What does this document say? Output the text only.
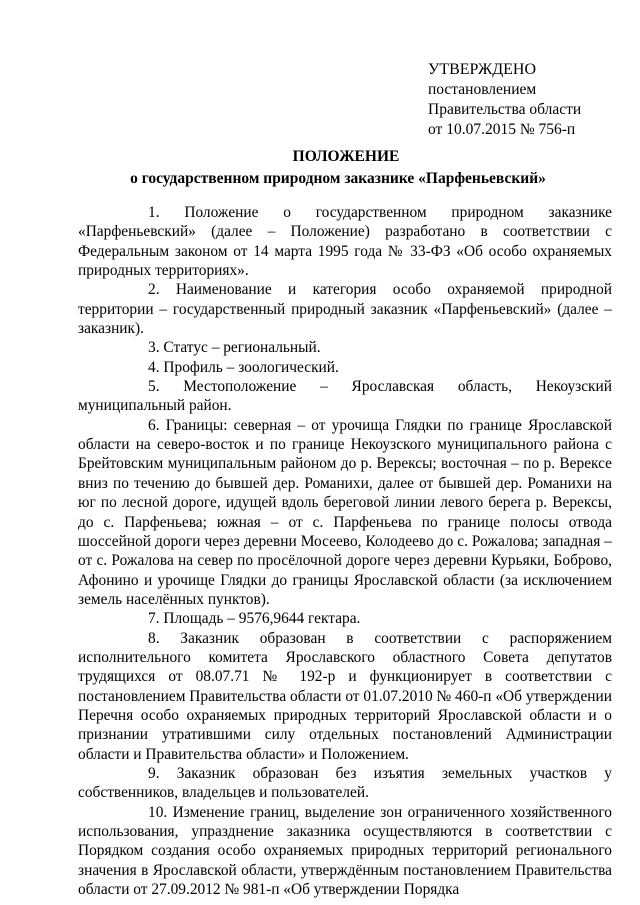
УТВЕРЖДЕНО
постановлением
Правительства области
от 10.07.2015 № 756-п
ПОЛОЖЕНИЕ
о государственном природном заказнике «Парфеньевский»

1. Положение о государственном природном заказнике «Парфеньевский» (далее – Положение) разработано в соответствии с Федеральным законом от 14 марта 1995 года № 33-ФЗ «Об особо охраняемых природных территориях».

2. Наименование и категория особо охраняемой природной территории – государственный природный заказник «Парфеньевский» (далее – заказник).

3. Статус – региональный.

4. Профиль – зоологический.

5. Местоположение – Ярославская область, Некоузский муниципальный район.

6. Границы: северная – от урочища Глядки по границе Ярославской области на северо-восток и по границе Некоузского муниципального района с Брейтовским муниципальным районом до р. Верексы; восточная – по р. Верексе вниз по течению до бывшей дер. Романихи, далее от бывшей дер. Романихи на юг по лесной дороге, идущей вдоль береговой линии левого берега р. Верексы, до с. Парфеньева; южная – от с. Парфеньева по границе полосы отвода шоссейной дороги через деревни Мосеево, Колодеево до с. Рожалова; западная – от с. Рожалова на север по просёлочной дороге через деревни Курьяки, Боброво, Афонино и урочище Глядки до границы Ярославской области (за исключением земель населённых пунктов).

7. Площадь – 9576,9644 гектара.

8. Заказник образован в соответствии с распоряжением исполнительного комитета Ярославского областного Совета депутатов трудящихся от 08.07.71 № 192-р и функционирует в соответствии с постановлением Правительства области от 01.07.2010 № 460-п «Об утверждении Перечня особо охраняемых природных территорий Ярославской области и о признании утратившими силу отдельных постановлений Администрации области и Правительства области» и Положением.

9. Заказник образован без изъятия земельных участков у собственников, владельцев и пользователей.

10. Изменение границ, выделение зон ограниченного хозяйственного использования, упразднение заказника осуществляются в соответствии с Порядком создания особо охраняемых природных территорий регионального значения в Ярославской области, утверждённым постановлением Правительства области от 27.09.2012 № 981-п «Об утверждении Порядка
